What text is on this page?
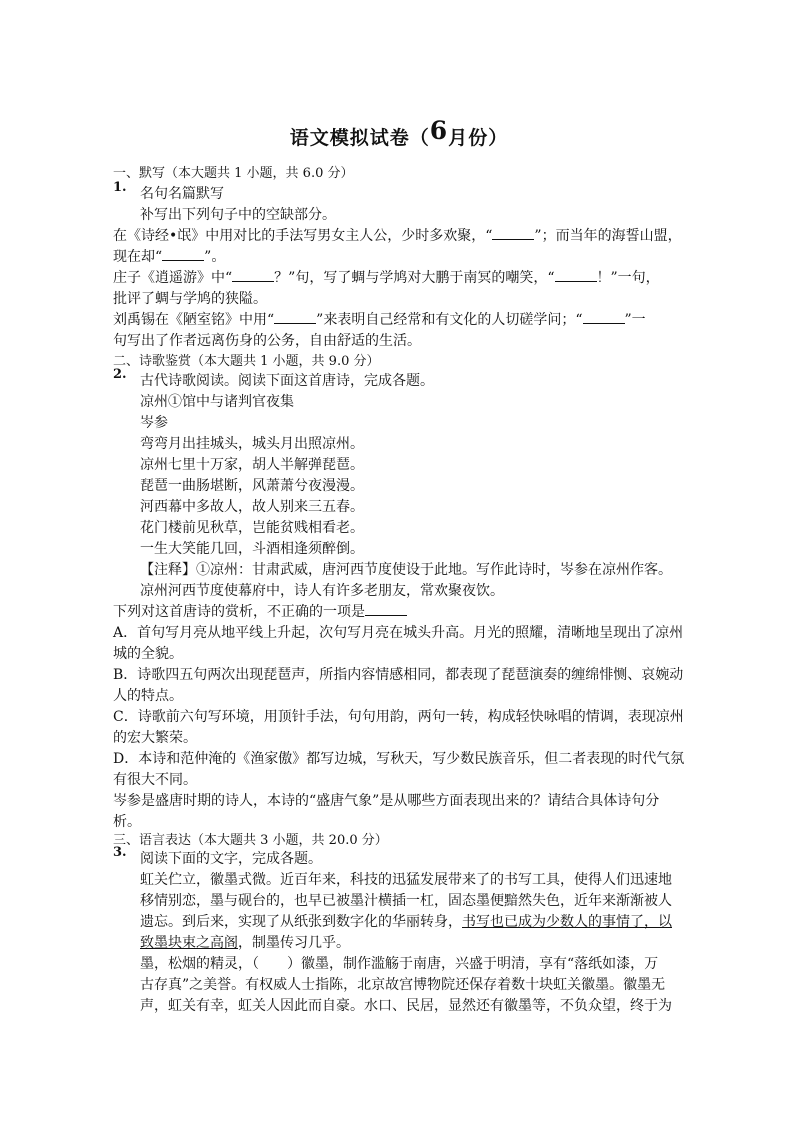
语文模拟试卷（6月份）
一、默写（本大题共 1 小题，共 6.0 分）
1. 名句名篇默写
补写出下列句子中的空缺部分。
在《诗经•氓》中用对比的手法写男女主人公，少时多欢聚，“	”；而当年的海誓山盟，
现在却“	”。
庄子《逍遥游》中“	？”句，写了蜩与学鸠对大鹏于南冥的嘲笑，“	！”一句，
批评了蜩与学鸠的狭隘。
刘禹锡在《陋室铭》中用“	”来表明自己经常和有文化的人切磋学问；“	”一
句写出了作者远离伤身的公务，自由舒适的生活。
二、诗歌鉴赏（本大题共 1 小题，共 9.0 分）
2. 古代诗歌阅读。阅读下面这首唐诗，完成各题。
凉州①馆中与诸判官夜集
岑参
弯弯月出挂城头，城头月出照凉州。
凉州七里十万家，胡人半解弹琵琶。
琵琶一曲肠堪断，风萧萧兮夜漫漫。
河西幕中多故人，故人别来三五春。
花门楼前见秋草，岂能贫贱相看老。
一生大笑能几回，斗酒相逢须醉倒。
【注释】①凉州：甘肃武威，唐河西节度使设于此地。写作此诗时，岑参在凉州作客。
凉州河西节度使幕府中，诗人有许多老朋友，常欢聚夜饮。
下列对这首唐诗的赏析，不正确的一项是
A．首句写月亮从地平线上升起，次句写月亮在城头升高。月光的照耀，清晰地呈现出了凉州
城的全貌。
B．诗歌四五句两次出现琵琶声，所指内容情感相同，都表现了琵琶演奏的缠绵悱恻、哀婉动
人的特点。
C．诗歌前六句写环境，用顶针手法，句句用韵，两句一转，构成轻快咏唱的情调，表现凉州
的宏大繁荣。
D．本诗和范仲淹的《渔家傲》都写边城，写秋天，写少数民族音乐，但二者表现的时代气氛
有很大不同。
岑参是盛唐时期的诗人，本诗的“盛唐气象”是从哪些方面表现出来的？请结合具体诗句分
析。
三、语言表达（本大题共 3 小题，共 20.0 分）
3. 阅读下面的文字，完成各题。
虹关伫立，徽墨式微。近百年来，科技的迅猛发展带来了的书写工具，使得人们迅速地
移情别恋，墨与砚台的，也早已被墨汁横插一杠，固态墨便黯然失色，近年来渐渐被人
遗忘。到后来，实现了从纸张到数字化的华丽转身，书写也已成为少数人的事情了，以
致墨块束之高阁，制墨传习几乎。
墨，松烟的精灵，（　　）徽墨，制作滥觞于南唐，兴盛于明清，享有“落纸如漆，万
古存真”之美誉。有权威人士指陈，北京故宫博物院还保存着数十块虹关徽墨。徽墨无
声，虹关有幸，虹关人因此而自豪。水口、民居，显然还有徽墨等，不负众望，终于为
